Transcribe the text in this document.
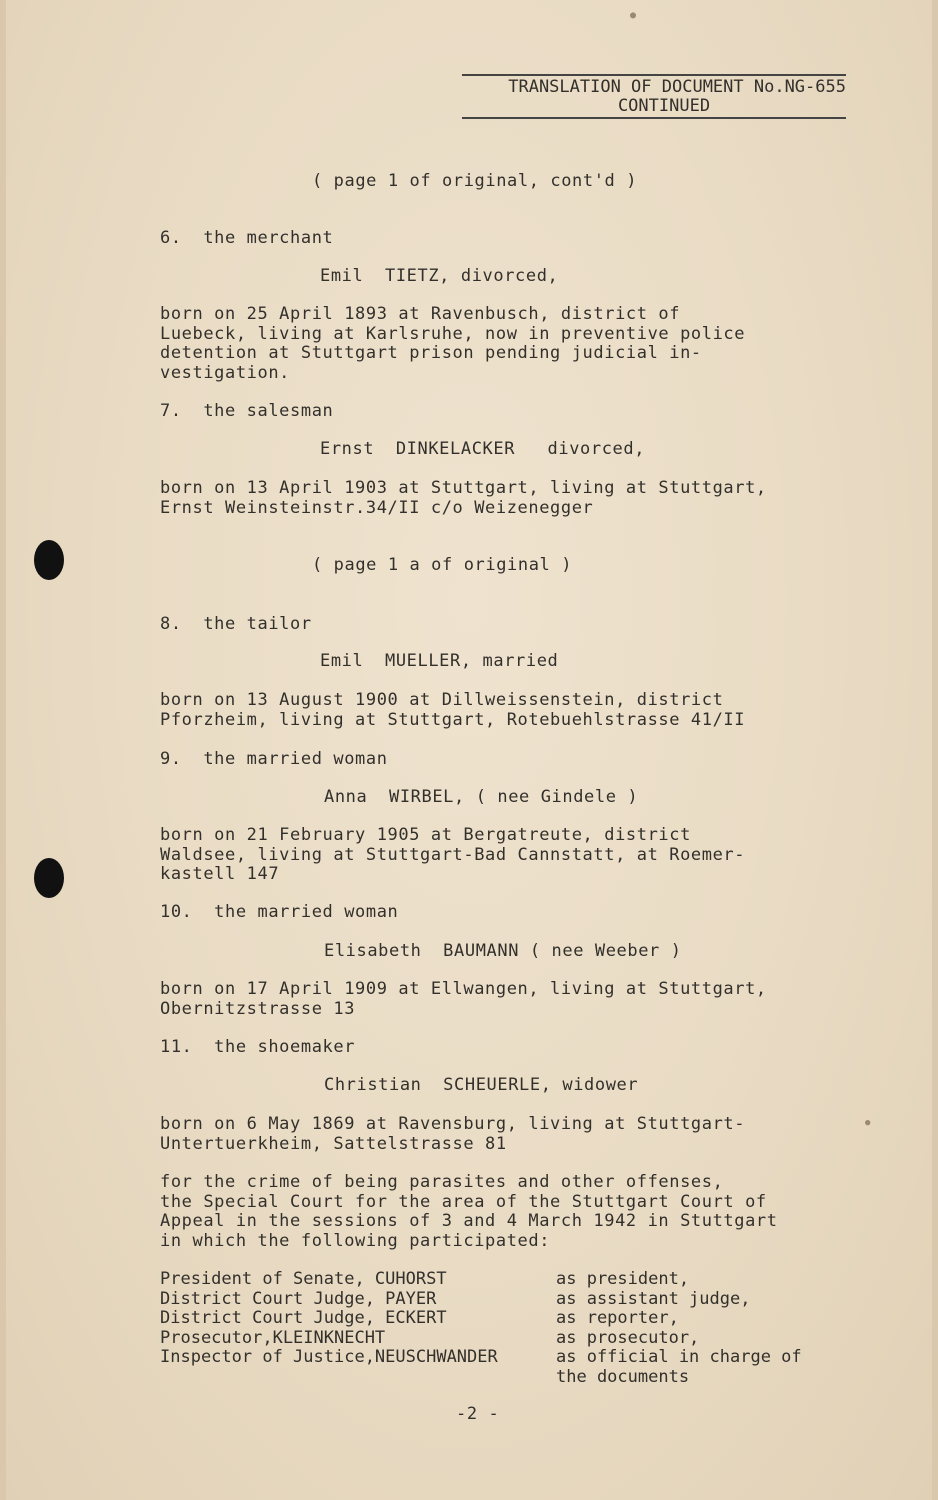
●
●
TRANSLATION OF DOCUMENT No.NG-655
CONTINUED
( page 1 of original, cont'd )
6.  the merchant
Emil  TIETZ, divorced,
born on 25 April 1893 at Ravenbusch, district of
Luebeck, living at Karlsruhe, now in preventive police
detention at Stuttgart prison pending judicial in-
vestigation.
7.  the salesman
Ernst  DINKELACKER   divorced,
born on 13 April 1903 at Stuttgart, living at Stuttgart,
Ernst Weinsteinstr.34/II c/o Weizenegger
( page 1 a of original )
8.  the tailor
Emil  MUELLER, married
born on 13 August 1900 at Dillweissenstein, district
Pforzheim, living at Stuttgart, Rotebuehlstrasse 41/II
9.  the married woman
Anna  WIRBEL, ( nee Gindele )
born on 21 February 1905 at Bergatreute, district
Waldsee, living at Stuttgart-Bad Cannstatt, at Roemer-
kastell 147
10.  the married woman
Elisabeth  BAUMANN ( nee Weeber )
born on 17 April 1909 at Ellwangen, living at Stuttgart,
Obernitzstrasse 13
11.  the shoemaker
Christian  SCHEUERLE, widower
born on 6 May 1869 at Ravensburg, living at Stuttgart-
Untertuerkheim, Sattelstrasse 81
for the crime of being parasites and other offenses,
the Special Court for the area of the Stuttgart Court of
Appeal in the sessions of 3 and 4 March 1942 in Stuttgart
in which the following participated:
President of Senate, CUHORST	as president,
District Court Judge, PAYER	as assistant judge,
District Court Judge, ECKERT	as reporter,
Prosecutor,KLEINKNECHT	as prosecutor,
Inspector of Justice,NEUSCHWANDER	as official in charge of
the documents
-2 -
